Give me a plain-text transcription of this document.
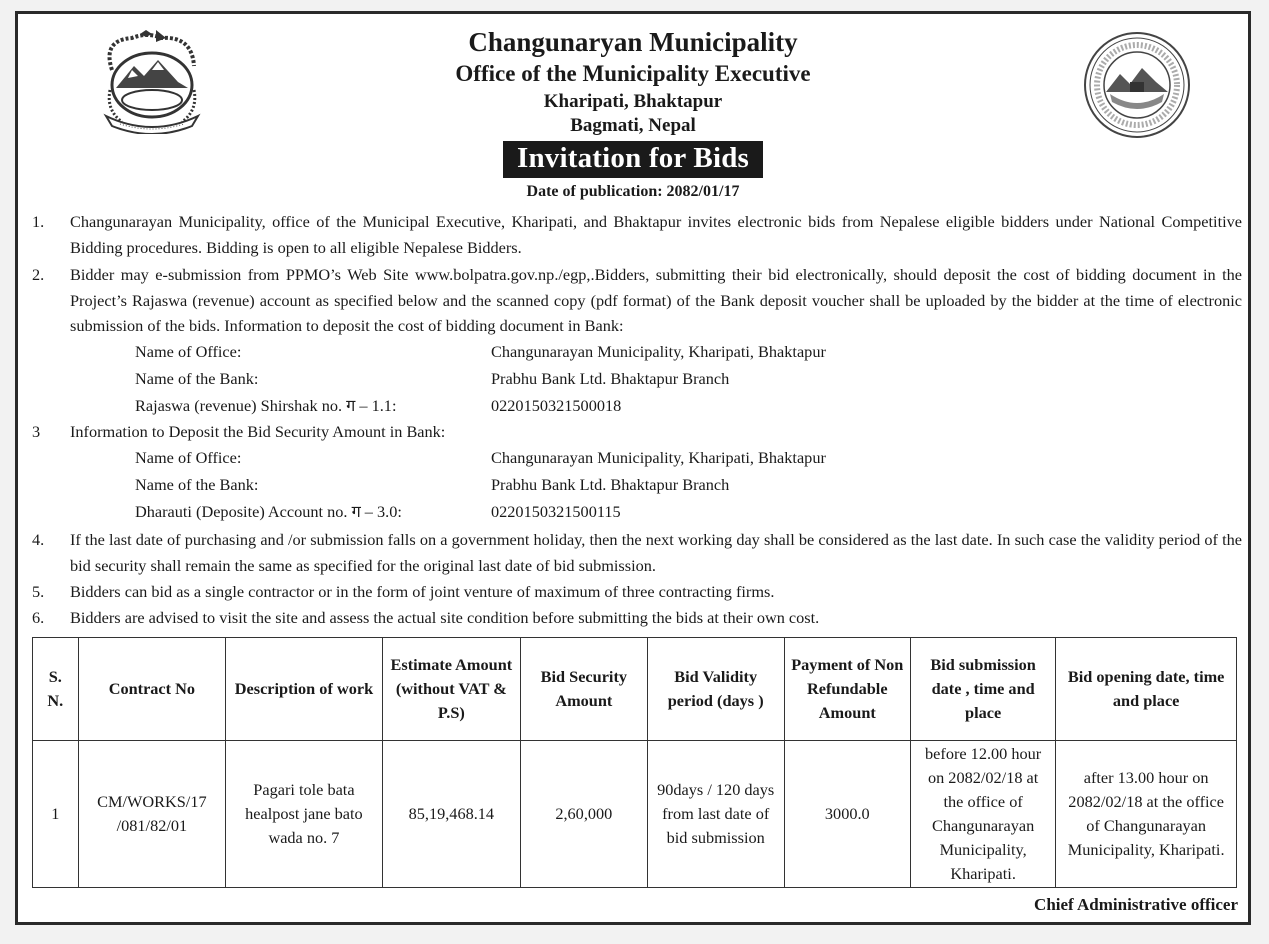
Changunaryan Municipality
Office of the Municipality Executive
Kharipati, Bhaktapur
Bagmati, Nepal
Invitation for Bids
Date of publication: 2082/01/17
1. Changunarayan Municipality, office of the Municipal Executive, Kharipati, and Bhaktapur invites electronic bids from Nepalese eligible bidders under National Competitive Bidding procedures. Bidding is open to all eligible Nepalese Bidders.
2. Bidder may e-submission from PPMO’s Web Site www.bolpatra.gov.np./egp,.Bidders, submitting their bid electronically, should deposit the cost of bidding document in the Project’s Rajaswa (revenue) account as specified below and the scanned copy (pdf format) of the Bank deposit voucher shall be uploaded by the bidder at the time of electronic submission of the bids. Information to deposit the cost of bidding document in Bank:
Name of Office:	Changunarayan Municipality, Kharipati, Bhaktapur
Name of the Bank:	Prabhu Bank Ltd. Bhaktapur Branch
Rajaswa (revenue) Shirshak no. ग – 1.1:	0220150321500018
3 Information to Deposit the Bid Security Amount in Bank:
Name of Office:	Changunarayan Municipality, Kharipati, Bhaktapur
Name of the Bank:	Prabhu Bank Ltd. Bhaktapur Branch
Dharauti (Deposite) Account no. ग – 3.0:	0220150321500115
4. If the last date of purchasing and /or submission falls on a government holiday, then the next working day shall be considered as the last date. In such case the validity period of the bid security shall remain the same as specified for the original last date of bid submission.
5. Bidders can bid as a single contractor or in the form of joint venture of maximum of three contracting firms.
6. Bidders are advised to visit the site and assess the actual site condition before submitting the bids at their own cost.
S. N.	Contract No	Description of work	Estimate Amount (without VAT & P.S)	Bid Security Amount	Bid Validity period (days )	Payment of Non Refundable Amount	Bid submission date , time and place	Bid opening date, time and place
1	CM/WORKS/17 /081/82/01	Pagari tole bata healpost jane bato wada no. 7	85,19,468.14	2,60,000	90days / 120 days from last date of bid submission	3000.0	before 12.00 hour on 2082/02/18 at the office of Changunarayan Municipality, Kharipati.	after 13.00 hour on 2082/02/18 at the office of Changunarayan Municipality, Kharipati.
Chief Administrative officer
